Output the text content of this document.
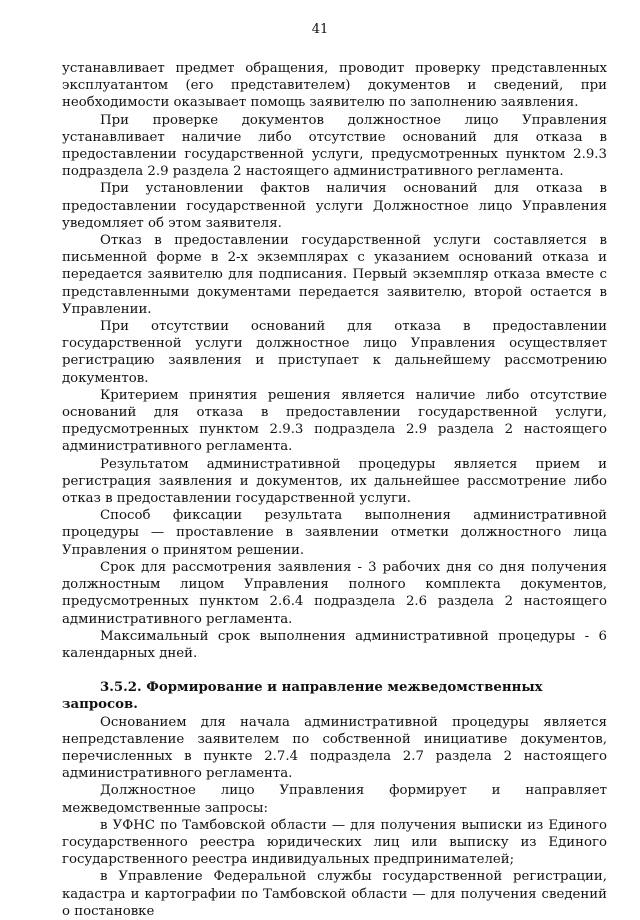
41

устанавливает предмет обращения, проводит проверку представленных эксплуатантом (его представителем) документов и сведений, при необходимости оказывает помощь заявителю по заполнению заявления.

При проверке документов должностное лицо Управления устанавливает наличие либо отсутствие оснований для отказа в предоставлении государственной услуги, предусмотренных пунктом 2.9.3 подраздела 2.9 раздела 2 настоящего административного регламента.

При установлении фактов наличия оснований для отказа в предоставлении государственной услуги Должностное лицо Управления уведомляет об этом заявителя.

Отказ в предоставлении государственной услуги составляется в письменной форме в 2-х экземплярах с указанием оснований отказа и передается заявителю для подписания. Первый экземпляр отказа вместе с представленными документами передается заявителю, второй остается в Управлении.

При отсутствии оснований для отказа в предоставлении государственной услуги должностное лицо Управления осуществляет регистрацию заявления и приступает к дальнейшему рассмотрению документов.

Критерием принятия решения является наличие либо отсутствие оснований для отказа в предоставлении государственной услуги, предусмотренных пунктом 2.9.3 подраздела 2.9 раздела 2 настоящего административного регламента.

Результатом административной процедуры является прием и регистрация заявления и документов, их дальнейшее рассмотрение либо отказ в предоставлении государственной услуги.

Способ фиксации результата выполнения административной процедуры — проставление в заявлении отметки должностного лица Управления о принятом решении.

Срок для рассмотрения заявления - 3 рабочих дня со дня получения должностным лицом Управления полного комплекта документов, предусмотренных пунктом 2.6.4 подраздела 2.6 раздела 2 настоящего административного регламента.

Максимальный срок выполнения административной процедуры - 6 календарных дней.

3.5.2. Формирование и направление межведомственных запросов.

Основанием для начала административной процедуры является непредставление заявителем по собственной инициативе документов, перечисленных в пункте 2.7.4 подраздела 2.7 раздела 2 настоящего административного регламента.

Должностное лицо Управления формирует и направляет межведомственные запросы:

в УФНС по Тамбовской области — для получения выписки из Единого государственного реестра юридических лиц или выписку из Единого государственного реестра индивидуальных предпринимателей;

в Управление Федеральной службы государственной регистрации, кадастра и картографии по Тамбовской области — для получения сведений о постановке
